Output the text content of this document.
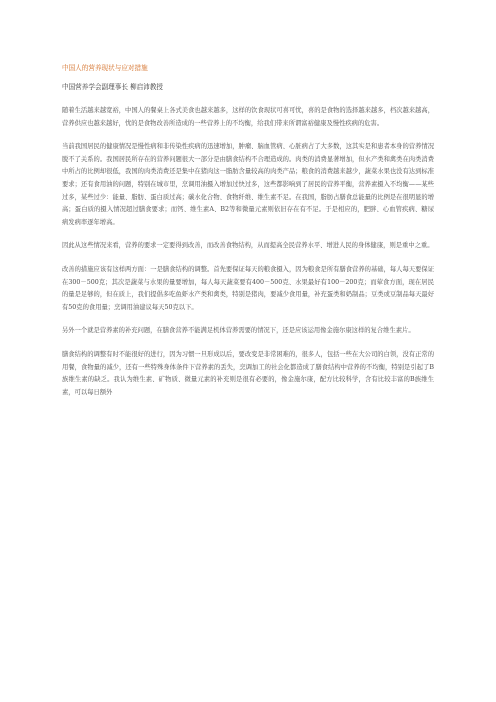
中国人的营养现状与应对措施
中国营养学会副理事长 柳启沛教授

随着生活越来越宽裕，中国人的餐桌上各式美食也越来越多，这样的饮食现状可喜可忧，喜的是食物的选择越来越多，档次越来越高，营养供应也越来越好，忧的是食物改善所造成的一些营养上的不均衡，给我们带来所谓富裕健康及慢性疾病的危害。

当前我国居民的健康情况是慢性病和非传染性疾病的迅速增加，肿瘤、脑血管病、心脏病占了大多数，这其实是和患者本身的营养情况脱不了关系的。我国居民所存在的营养问题很大一部分是由膳食结构不合理造成的。肉类的消费显著增加，但水产类和禽类在肉类消费中所占的比例却很低，我国的肉类消费还是集中在猪肉这一脂肪含量较高的肉类产品；粮食的消费越来越少，蔬菜水果也没有达到标准要求；还有食用油的问题，特别在城市里，烹调用油摄入增加过快过多，这些都影响到了居民的营养平衡，营养素摄入不均衡——某些过多，某些过少：能量、脂肪、蛋白质过高；碳水化合物、食物纤维、维生素不足。在我国，脂肪占膳食总能量的比例是在很明显的增高；蛋白质的摄入情况超过膳食要求；而钙、维生素A、B2等和微量元素则依旧存在有不足。于是相应的，肥胖、心血管疾病、糖尿病发病率逐年增高。

因此从这些情况来看，营养的要求一定要得到改善，而改善食物结构，从而提高全民营养水平、增进人民的身体健康，则是重中之重。

改善的措施应该有这样两方面：一是膳食结构的调整。首先要保证每天的粮食摄入，因为粮食是所有膳食营养的基础，每人每天要保证在300－500克；其次是蔬菜与水果的量要增加，每人每天蔬菜要有400－500克、水果最好有100－200克；而荤食方面，现在居民的量是足够的，但在质上，我们提倡多吃鱼虾水产类和禽类，特别是猪肉，要减少食用量，补充蛋类和奶制品；豆类或豆制品每天最好有50克的食用量；烹调用油建议每天50克以下。

另外一个就是营养素的补充问题，在膳食营养不能满足机体营养需要的情况下，还是应该运用像金施尔康这样的复合维生素片。

膳食结构的调整有时不能很好的进行，因为习惯一旦形成以后，要改变是非常困难的，很多人，包括一些在大公司的白领，没有正常的用餐，食物量的减少，还有一些特殊身体条件下营养素的丢失，烹调加工的社会化都造成了膳食结构中营养的不均衡，特别是引起了B族维生素的缺乏。我认为维生素、矿物质、微量元素的补充则是很有必要的，像金施尔康，配方比较科学，含有比较丰富的B族维生素，可以每日额外
